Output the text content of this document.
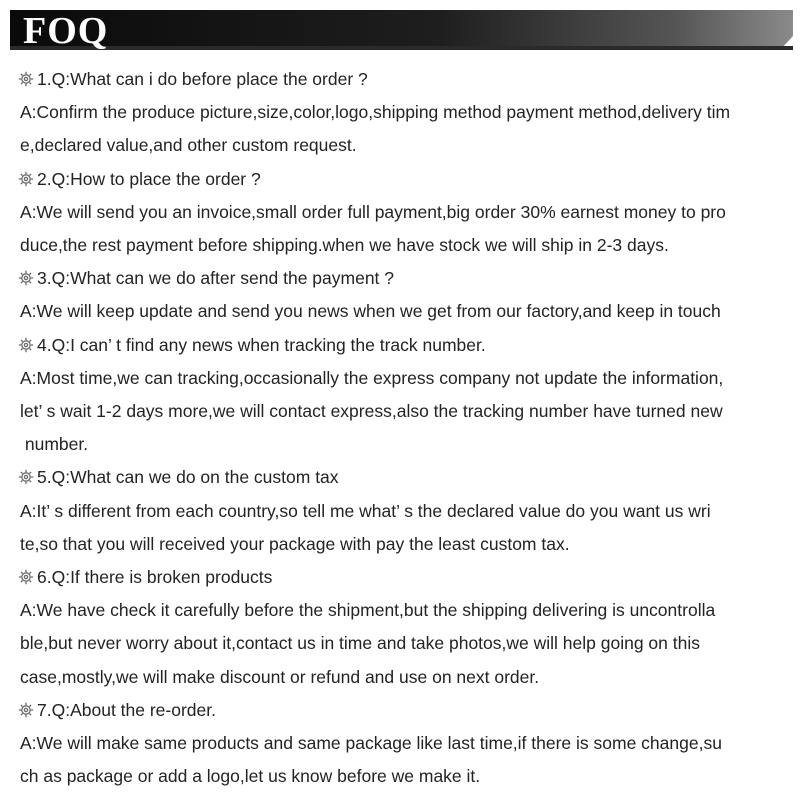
FOQ
1.Q:What can i do before place the order ?
A:Confirm the produce picture,size,color,logo,shipping method payment method,delivery tim
e,declared value,and other custom request.
2.Q:How to place the order ?
A:We will send you an invoice,small order full payment,big order 30% earnest money to pro
duce,the rest payment before shipping.when we have stock we will ship in 2-3 days.
3.Q:What can we do after send the payment ?
A:We will keep update and send you news when we get from our factory,and keep in touch
4.Q:I can’ t find any news when tracking the track number.
A:Most time,we can tracking,occasionally the express company not update the information,
let’ s wait 1-2 days more,we will contact express,also the tracking number have turned new
number.
5.Q:What can we do on the custom tax
A:It’ s different from each country,so tell me what’ s the declared value do you want us wri
te,so that you will received your package with pay the least custom tax.
6.Q:If there is broken products
A:We have check it carefully before the shipment,but the shipping delivering is uncontrolla
ble,but never worry about it,contact us in time and take photos,we will help going on this
case,mostly,we will make discount or refund and use on next order.
7.Q:About the re-order.
A:We will make same products and same package like last time,if there is some change,su
ch as package or add a logo,let us know before we make it.
